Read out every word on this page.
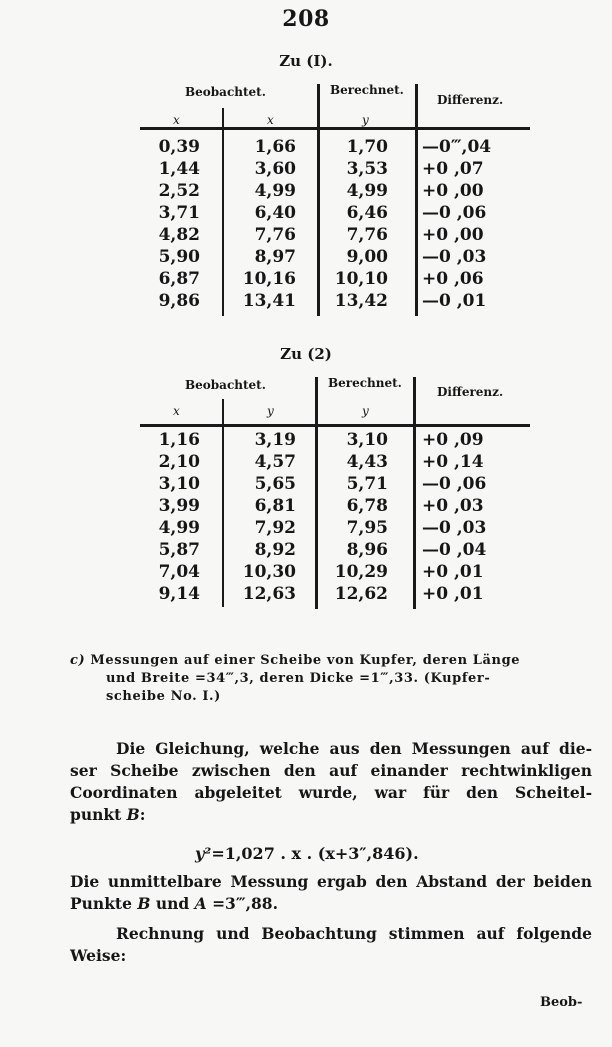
208
Zu (I).
Beobachtet.	Berechnet.
Differenz.
x	x	y
0,39	1,66	1,70 —0‴,04
1,44	3,60	3,53 +0 ,07
2,52	4,99	4,99 +0 ,00
3,71	6,40	6,46 —0 ,06
4,82	7,76	7,76 +0 ,00
5,90	8,97	9,00 —0 ,03
6,87	10,16	10,10 +0 ,06
9,86	13,41	13,42 —0 ,01
Zu (2)
Beobachtet.	Berechnet.
Differenz.
x	y	y
1,16	3,19	3,10 +0 ,09
2,10	4,57	4,43 +0 ,14
3,10	5,65	5,71 —0 ,06
3,99	6,81	6,78 +0 ,03
4,99	7,92	7,95 —0 ,03
5,87	8,92	8,96 —0 ,04
7,04	10,30	10,29 +0 ,01
9,14	12,63	12,62 +0 ,01
c) Messungen auf einer Scheibe von Kupfer, deren Länge
und Breite =34‴,3, deren Dicke =1‴,33. (Kupfer-
scheibe No. I.)
Die Gleichung, welche aus den Messungen auf die-
ser Scheibe zwischen den auf einander rechtwinkligen
Coordinaten abgeleitet wurde, war für den Scheitel-
punkt B:
y²=1,027 . x . (x+3″,846).
Die unmittelbare Messung ergab den Abstand der beiden
Punkte B und A =3‴,88.
Rechnung und Beobachtung stimmen auf folgende
Weise:
Beob-
